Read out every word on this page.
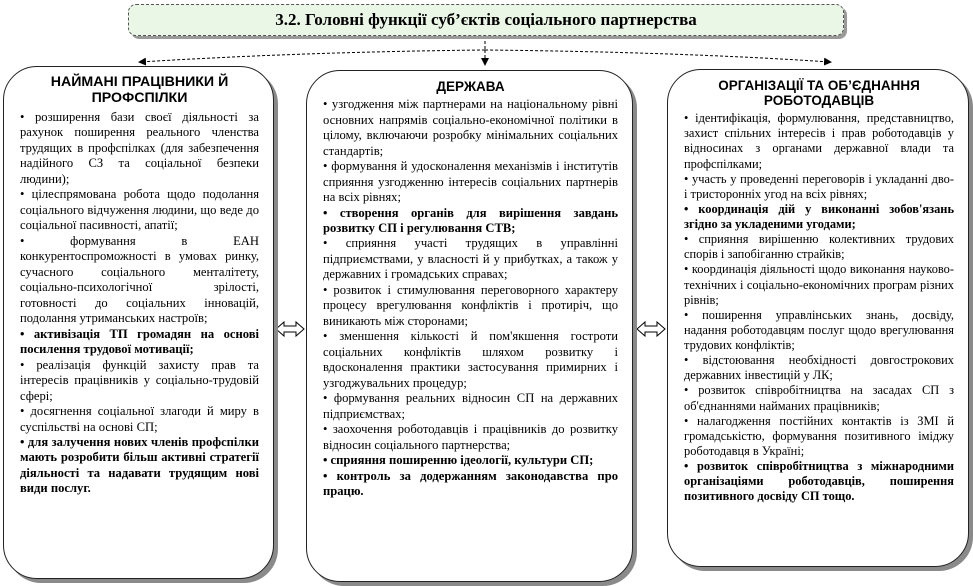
3.2. Головні функції суб’єктів соціального партнерства
НАЙМАНІ ПРАЦІВНИКИ Й ПРОФСПІЛКИ

• розширення бази своєї діяльності за рахунок поширення реального членства трудящих в профспілках (для забезпечення надійного СЗ та соціальної безпеки людини);

• цілеспрямована робота щодо подолання соціального відчуження людини, що веде до соціальної пасивності, апатії;

• формування в ЕАН конкурентоспроможності в умовах ринку, сучасного соціального менталітету, соціально-психологічної зрілості, готовності до соціальних інновацій, подолання утриманських настроїв;

• активізація ТП громадян на основі посилення трудової мотивації;

• реалізація функцій захисту прав та інтересів працівників у соціально-трудовій сфері;

• досягнення соціальної злагоди й миру в суспільстві на основі СП;

• для залучення нових членів профспілки мають розробити більш активні стратегії діяльності та надавати трудящим нові види послуг.

ДЕРЖАВА

• узгодження між партнерами на національному рівні основних напрямів соціально-економічної політики в цілому, включаючи розробку мінімальних соціальних стандартів;

• формування й удосконалення механізмів і інститутів сприяння узгодженню інтересів соціальних партнерів на всіх рівнях;

• створення органів для вирішення завдань розвитку СП і регулювання СТВ;

• сприяння участі трудящих в управлінні підприємствами, у власності й у прибутках, а також у державних і громадських справах;

• розвиток і стимулювання переговорного характеру процесу врегулювання конфліктів і протиріч, що виникають між сторонами;

• зменшення кількості й пом'якшення гостроти соціальних конфліктів шляхом розвитку і вдосконалення практики застосування примирних і узгоджувальних процедур;

• формування реальних відносин СП на державних підприємствах;

• заохочення роботодавців і працівників до розвитку відносин соціального партнерства;

• сприяння поширенню ідеології, культури СП;

• контроль за додержанням законодавства про працю.

ОРГАНІЗАЦІЇ ТА ОБ’ЄДНАННЯ РОБОТОДАВЦІВ

• ідентифікація, формулювання, представництво, захист спільних інтересів і прав роботодавців у відносинах з органами державної влади та профспілками;

• участь у проведенні переговорів і укладанні дво- і тристоронніх угод на всіх рівнях;

• координація дій у виконанні зобов'язань згідно за укладеними угодами;

• сприяння вирішенню колективних трудових спорів і запобіганню страйків;

• координація діяльності щодо виконання науково-технічних і соціально-економічних програм різних рівнів;

• поширення управлінських знань, досвіду, надання роботодавцям послуг щодо врегулювання трудових конфліктів;

• відстоювання необхідності довгострокових державних інвестицій у ЛК;

• розвиток співробітництва на засадах СП з об'єднаннями найманих працівників;

• налагодження постійних контактів із ЗМІ й громадськістю, формування позитивного іміджу роботодавця в Україні;

• розвиток співробітництва з міжнародними організаціями роботодавців, поширення позитивного досвіду СП тощо.
